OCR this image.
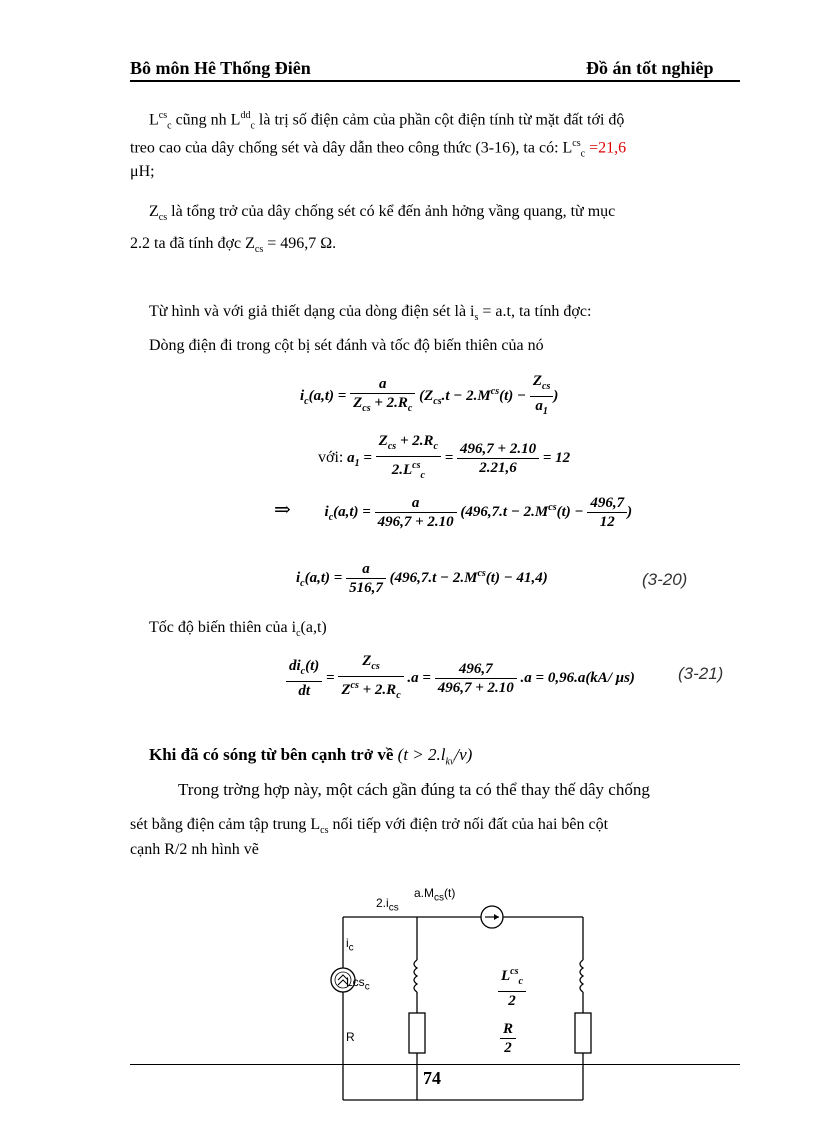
Bô môn Hê Thống Điên	Đồ án tốt nghiêp
$L^{cs}_c$ cũng nh $L^{dd}_c$ là trị số điện cảm của phần cột điện tính từ mặt đất tới độ
treo cao của dây chống sét và dây dẫn theo công thức (3-16), ta có: $L^{cs}_c =21,6$
μH;
$Z_{cs}$ là tổng trở của dây chống sét có kể đến ảnh hởng vầng quang, từ mục
2.2 ta đã tính đợc $Z_{cs} = 496,7$ Ω.
Từ hình và với giả thiết dạng của dòng điện sét là $i_s = a.t$, ta tính đợc:
Dòng điện đi trong cột bị sét đánh và tốc độ biến thiên của nó
$i_c(a,t) = \frac{a}{Z_{cs} + 2.R_c} (Z_{cs}.t - 2.M^{cs}(t) - \frac{Z_{cs}}{a_1}$ )
với: $a_1 = \frac{Z_{cs} + 2.R_c}{2.L^{cs}_c} = \frac{496,7 + 2.10}{2.21,6} = 12$
⇒ $i_c(a,t) = \frac{a}{496,7 + 2.10} (496,7.t - 2.M^{cs}(t) - \frac{496,7}{12}$ )
$i_c(a,t) = \frac{a}{516,7} (496,7.t - 2.M^{cs}(t) - 41,4)$	(3-20)
Tốc độ biến thiên của $i_c(a,t)$
$\frac{di_c(t)}{dt} = \frac{Z_{cs}}{Z^{cs} + 2.R_c} .a = \frac{496,7}{496,7 + 2.10} .a = 0,96.a(kA/$ μs)	(3-21)
Khi đã có sóng từ bên cạnh trở về $(t > 2.l_{kv}/v)$
Trong trờng hợp này, một cách gần đúng ta có thể thay thế dây chống
sét bằng điện cảm tập trung $L_{cs}$ nối tiếp với điện trở nối đất của hai bên cột
cạnh R/2 nh hình vẽ
$2.i_{cs}$
$a.M_{cs}(t)$
$i_c$
Lcs$_c$
R
$\frac{L^{cs}_c}{2}$
$\frac{R}{2}$
74
